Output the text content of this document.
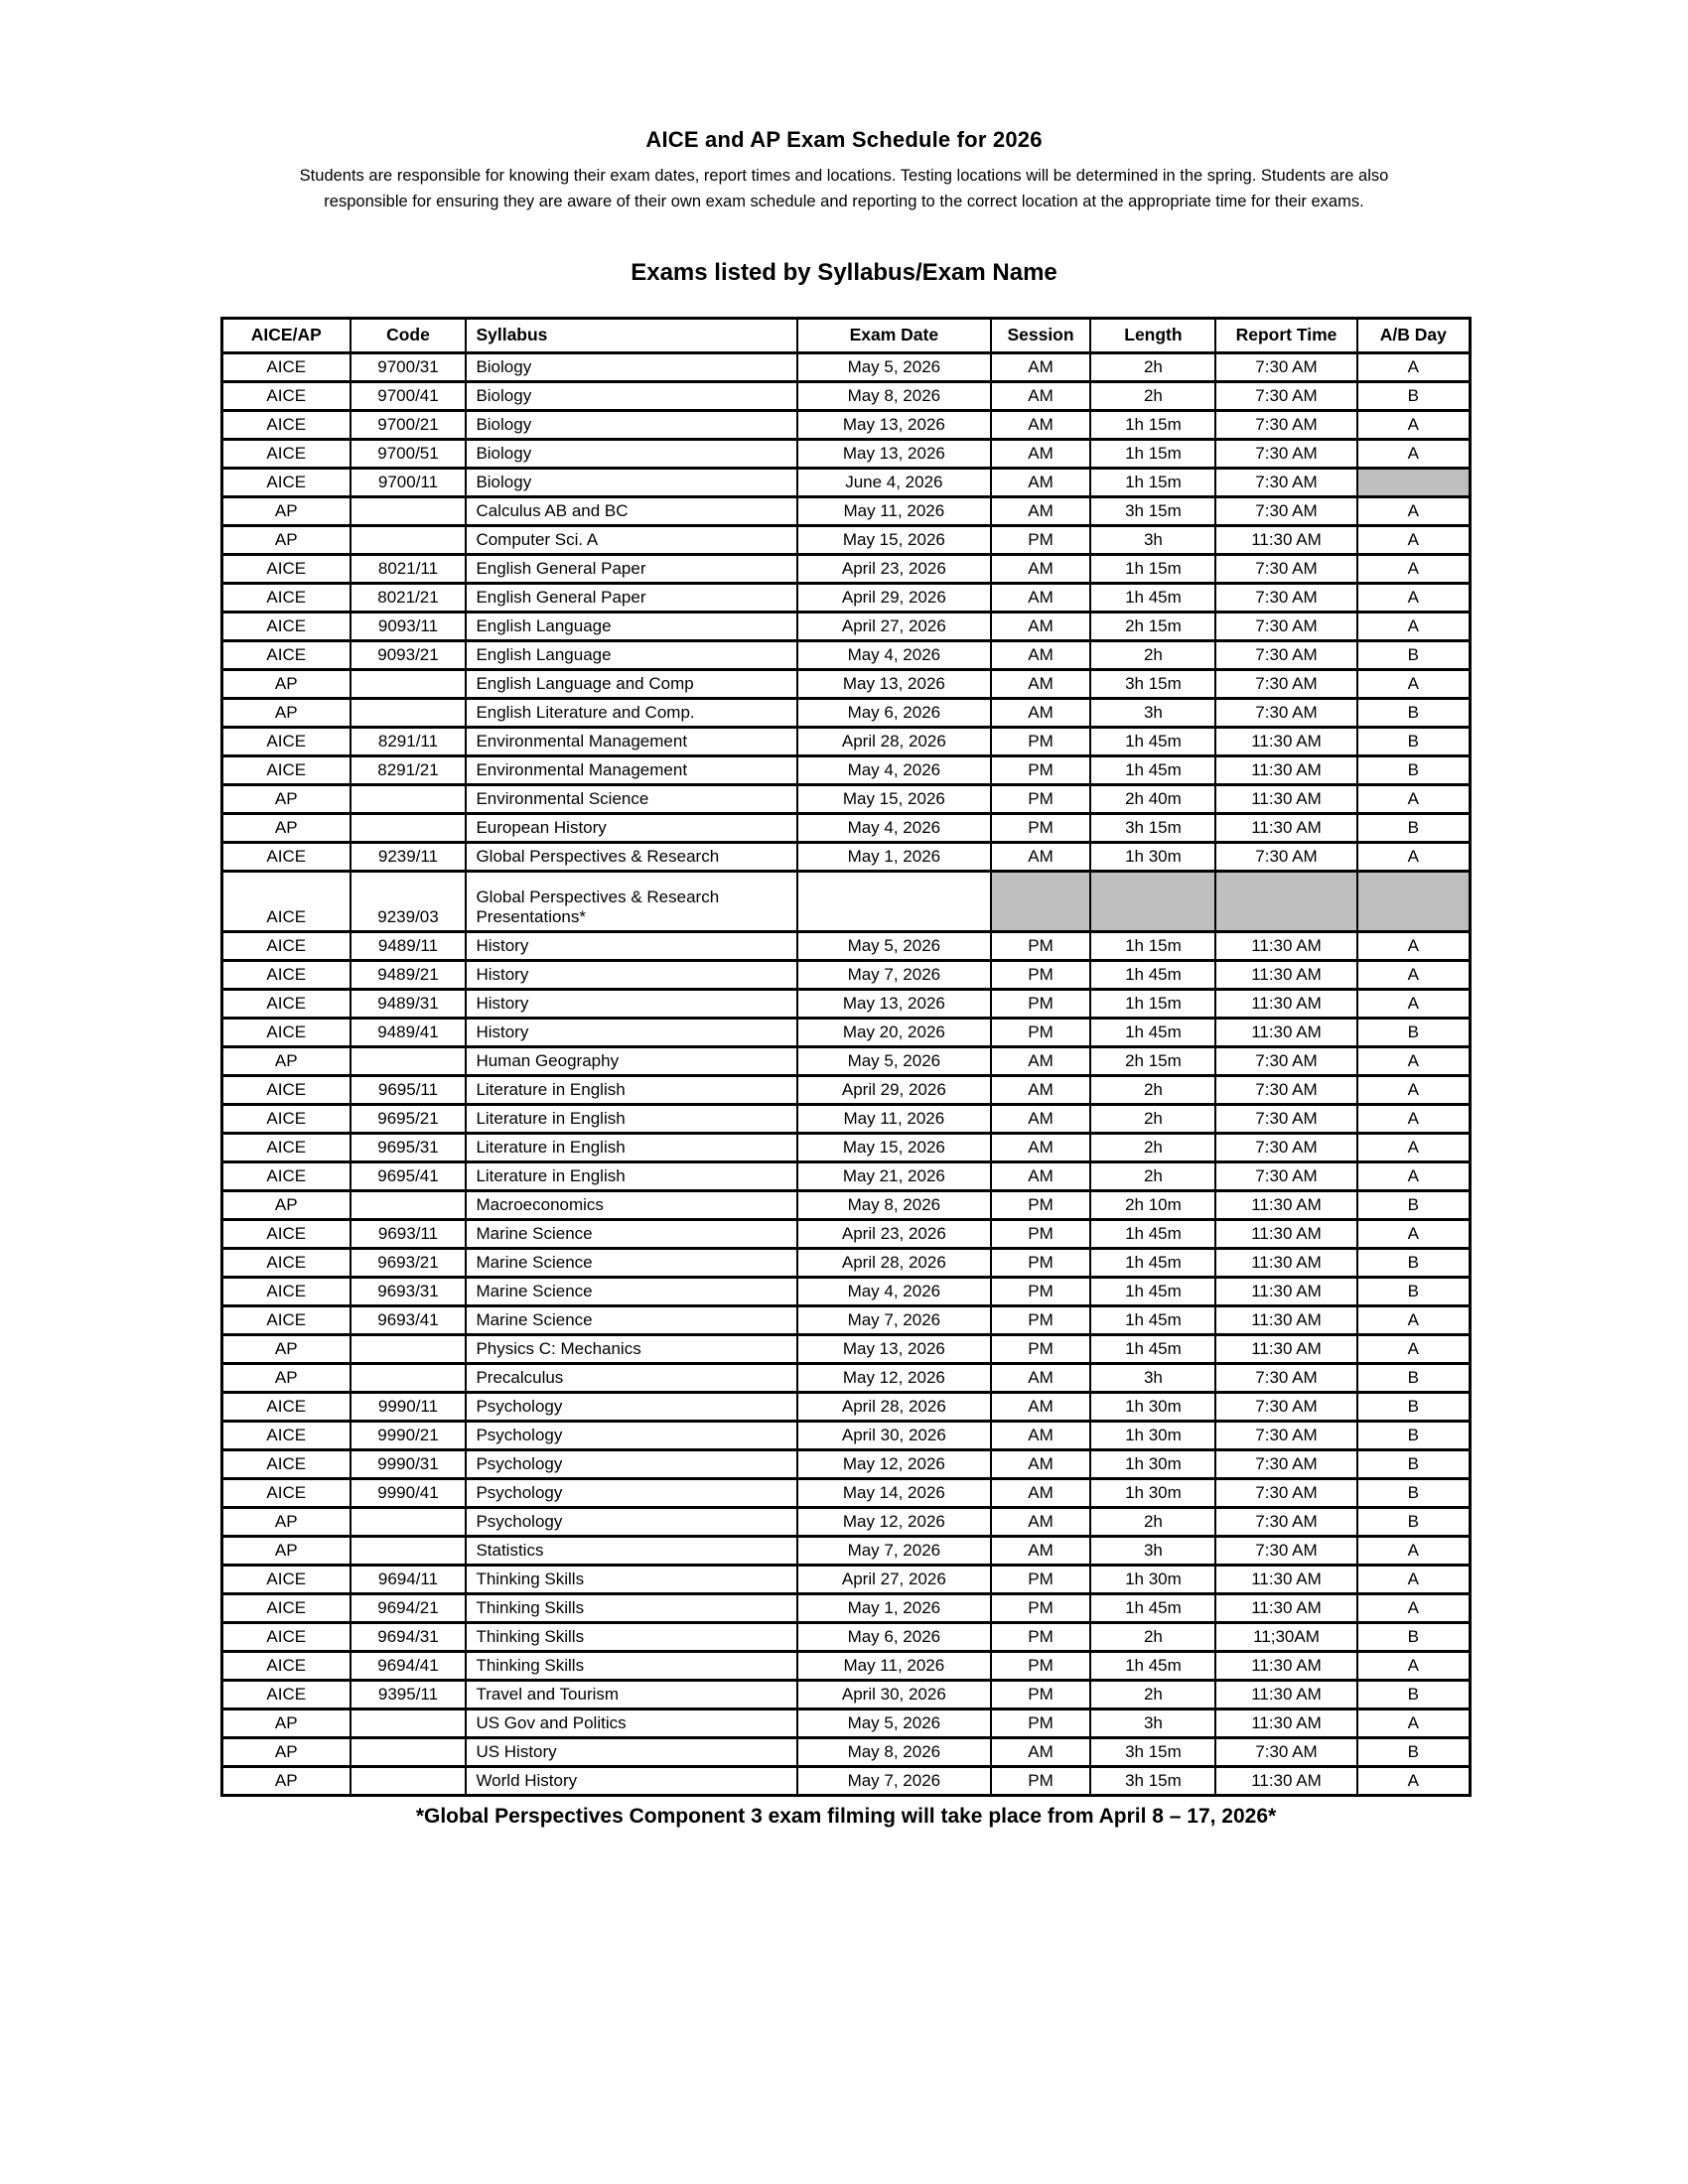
AICE and AP Exam Schedule for 2026
Students are responsible for knowing their exam dates, report times and locations. Testing locations will be determined in the spring. Students are also
responsible for ensuring they are aware of their own exam schedule and reporting to the correct location at the appropriate time for their exams.
Exams listed by Syllabus/Exam Name
AICE/AP	Code	Syllabus	Exam Date	Session	Length	Report Time	A/B Day
AICE	9700/31	Biology	May 5, 2026	AM	2h	7:30 AM	A
AICE	9700/41	Biology	May 8, 2026	AM	2h	7:30 AM	B
AICE	9700/21	Biology	May 13, 2026	AM	1h 15m	7:30 AM	A
AICE	9700/51	Biology	May 13, 2026	AM	1h 15m	7:30 AM	A
AICE	9700/11	Biology	June 4, 2026	AM	1h 15m	7:30 AM	
AP		Calculus AB and BC	May 11, 2026	AM	3h 15m	7:30 AM	A
AP		Computer Sci. A	May 15, 2026	PM	3h	11:30 AM	A
AICE	8021/11	English General Paper	April 23, 2026	AM	1h 15m	7:30 AM	A
AICE	8021/21	English General Paper	April 29, 2026	AM	1h 45m	7:30 AM	A
AICE	9093/11	English Language	April 27, 2026	AM	2h 15m	7:30 AM	A
AICE	9093/21	English Language	May 4, 2026	AM	2h	7:30 AM	B
AP		English Language and Comp	May 13, 2026	AM	3h 15m	7:30 AM	A
AP		English Literature and Comp.	May 6, 2026	AM	3h	7:30 AM	B
AICE	8291/11	Environmental Management	April 28, 2026	PM	1h 45m	11:30 AM	B
AICE	8291/21	Environmental Management	May 4, 2026	PM	1h 45m	11:30 AM	B
AP		Environmental Science	May 15, 2026	PM	2h 40m	11:30 AM	A
AP		European History	May 4, 2026	PM	3h 15m	11:30 AM	B
AICE	9239/11	Global Perspectives & Research	May 1, 2026	AM	1h 30m	7:30 AM	A
AICE	9239/03	Global Perspectives & Research Presentations*					
AICE	9489/11	History	May 5, 2026	PM	1h 15m	11:30 AM	A
AICE	9489/21	History	May 7, 2026	PM	1h 45m	11:30 AM	A
AICE	9489/31	History	May 13, 2026	PM	1h 15m	11:30 AM	A
AICE	9489/41	History	May 20, 2026	PM	1h 45m	11:30 AM	B
AP		Human Geography	May 5, 2026	AM	2h 15m	7:30 AM	A
AICE	9695/11	Literature in English	April 29, 2026	AM	2h	7:30 AM	A
AICE	9695/21	Literature in English	May 11, 2026	AM	2h	7:30 AM	A
AICE	9695/31	Literature in English	May 15, 2026	AM	2h	7:30 AM	A
AICE	9695/41	Literature in English	May 21, 2026	AM	2h	7:30 AM	A
AP		Macroeconomics	May 8, 2026	PM	2h 10m	11:30 AM	B
AICE	9693/11	Marine Science	April 23, 2026	PM	1h 45m	11:30 AM	A
AICE	9693/21	Marine Science	April 28, 2026	PM	1h 45m	11:30 AM	B
AICE	9693/31	Marine Science	May 4, 2026	PM	1h 45m	11:30 AM	B
AICE	9693/41	Marine Science	May 7, 2026	PM	1h 45m	11:30 AM	A
AP		Physics C: Mechanics	May 13, 2026	PM	1h 45m	11:30 AM	A
AP		Precalculus	May 12, 2026	AM	3h	7:30 AM	B
AICE	9990/11	Psychology	April 28, 2026	AM	1h 30m	7:30 AM	B
AICE	9990/21	Psychology	April 30, 2026	AM	1h 30m	7:30 AM	B
AICE	9990/31	Psychology	May 12, 2026	AM	1h 30m	7:30 AM	B
AICE	9990/41	Psychology	May 14, 2026	AM	1h 30m	7:30 AM	B
AP		Psychology	May 12, 2026	AM	2h	7:30 AM	B
AP		Statistics	May 7, 2026	AM	3h	7:30 AM	A
AICE	9694/11	Thinking Skills	April 27, 2026	PM	1h 30m	11:30 AM	A
AICE	9694/21	Thinking Skills	May 1, 2026	PM	1h 45m	11:30 AM	A
AICE	9694/31	Thinking Skills	May 6, 2026	PM	2h	11;30AM	B
AICE	9694/41	Thinking Skills	May 11, 2026	PM	1h 45m	11:30 AM	A
AICE	9395/11	Travel and Tourism	April 30, 2026	PM	2h	11:30 AM	B
AP		US Gov and Politics	May 5, 2026	PM	3h	11:30 AM	A
AP		US History	May 8, 2026	AM	3h 15m	7:30 AM	B
AP		World History	May 7, 2026	PM	3h 15m	11:30 AM	A
*Global Perspectives Component 3 exam filming will take place from April 8 – 17, 2026*
